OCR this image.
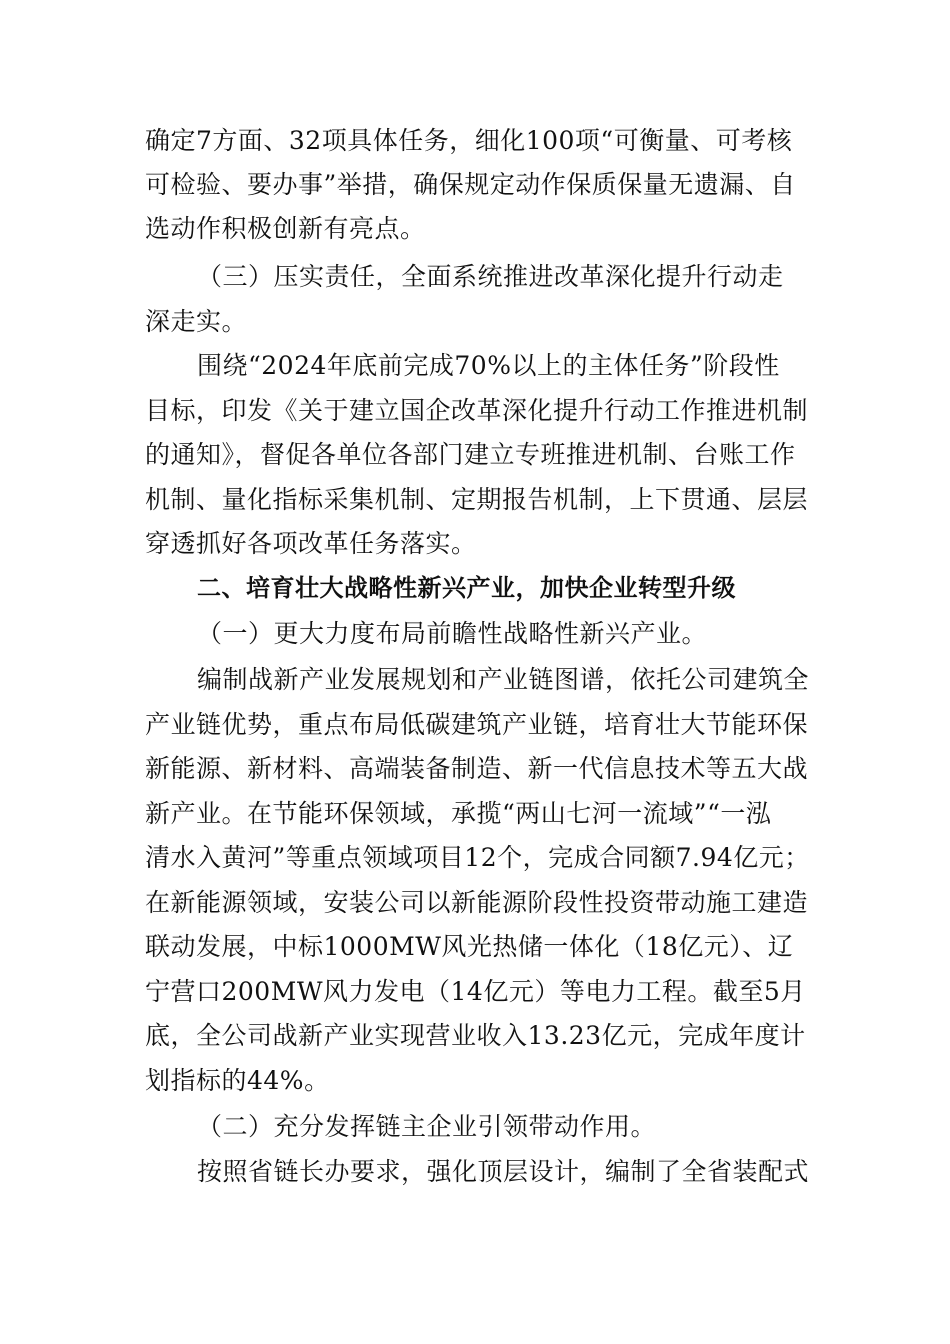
确定7方面、32项具体任务，细化100项“可衡量、可考核
可检验、要办事”举措，确保规定动作保质保量无遗漏、自
选动作积极创新有亮点。
（三）压实责任，全面系统推进改革深化提升行动走
深走实。
围绕“2024年底前完成70%以上的主体任务”阶段性
目标，印发《关于建立国企改革深化提升行动工作推进机制
的通知》，督促各单位各部门建立专班推进机制、台账工作
机制、量化指标采集机制、定期报告机制，上下贯通、层层
穿透抓好各项改革任务落实。
二、培育壮大战略性新兴产业，加快企业转型升级
（一）更大力度布局前瞻性战略性新兴产业。
编制战新产业发展规划和产业链图谱，依托公司建筑全
产业链优势，重点布局低碳建筑产业链，培育壮大节能环保
新能源、新材料、高端装备制造、新一代信息技术等五大战
新产业。在节能环保领域，承揽“两山七河一流域”“一泓
清水入黄河”等重点领域项目12个，完成合同额7.94亿元；
在新能源领域，安装公司以新能源阶段性投资带动施工建造
联动发展，中标1000MW风光热储一体化（18亿元）、辽
宁营口200MW风力发电（14亿元）等电力工程。截至5月
底，全公司战新产业实现营业收入13.23亿元，完成年度计
划指标的44%。
（二）充分发挥链主企业引领带动作用。
按照省链长办要求，强化顶层设计，编制了全省装配式
